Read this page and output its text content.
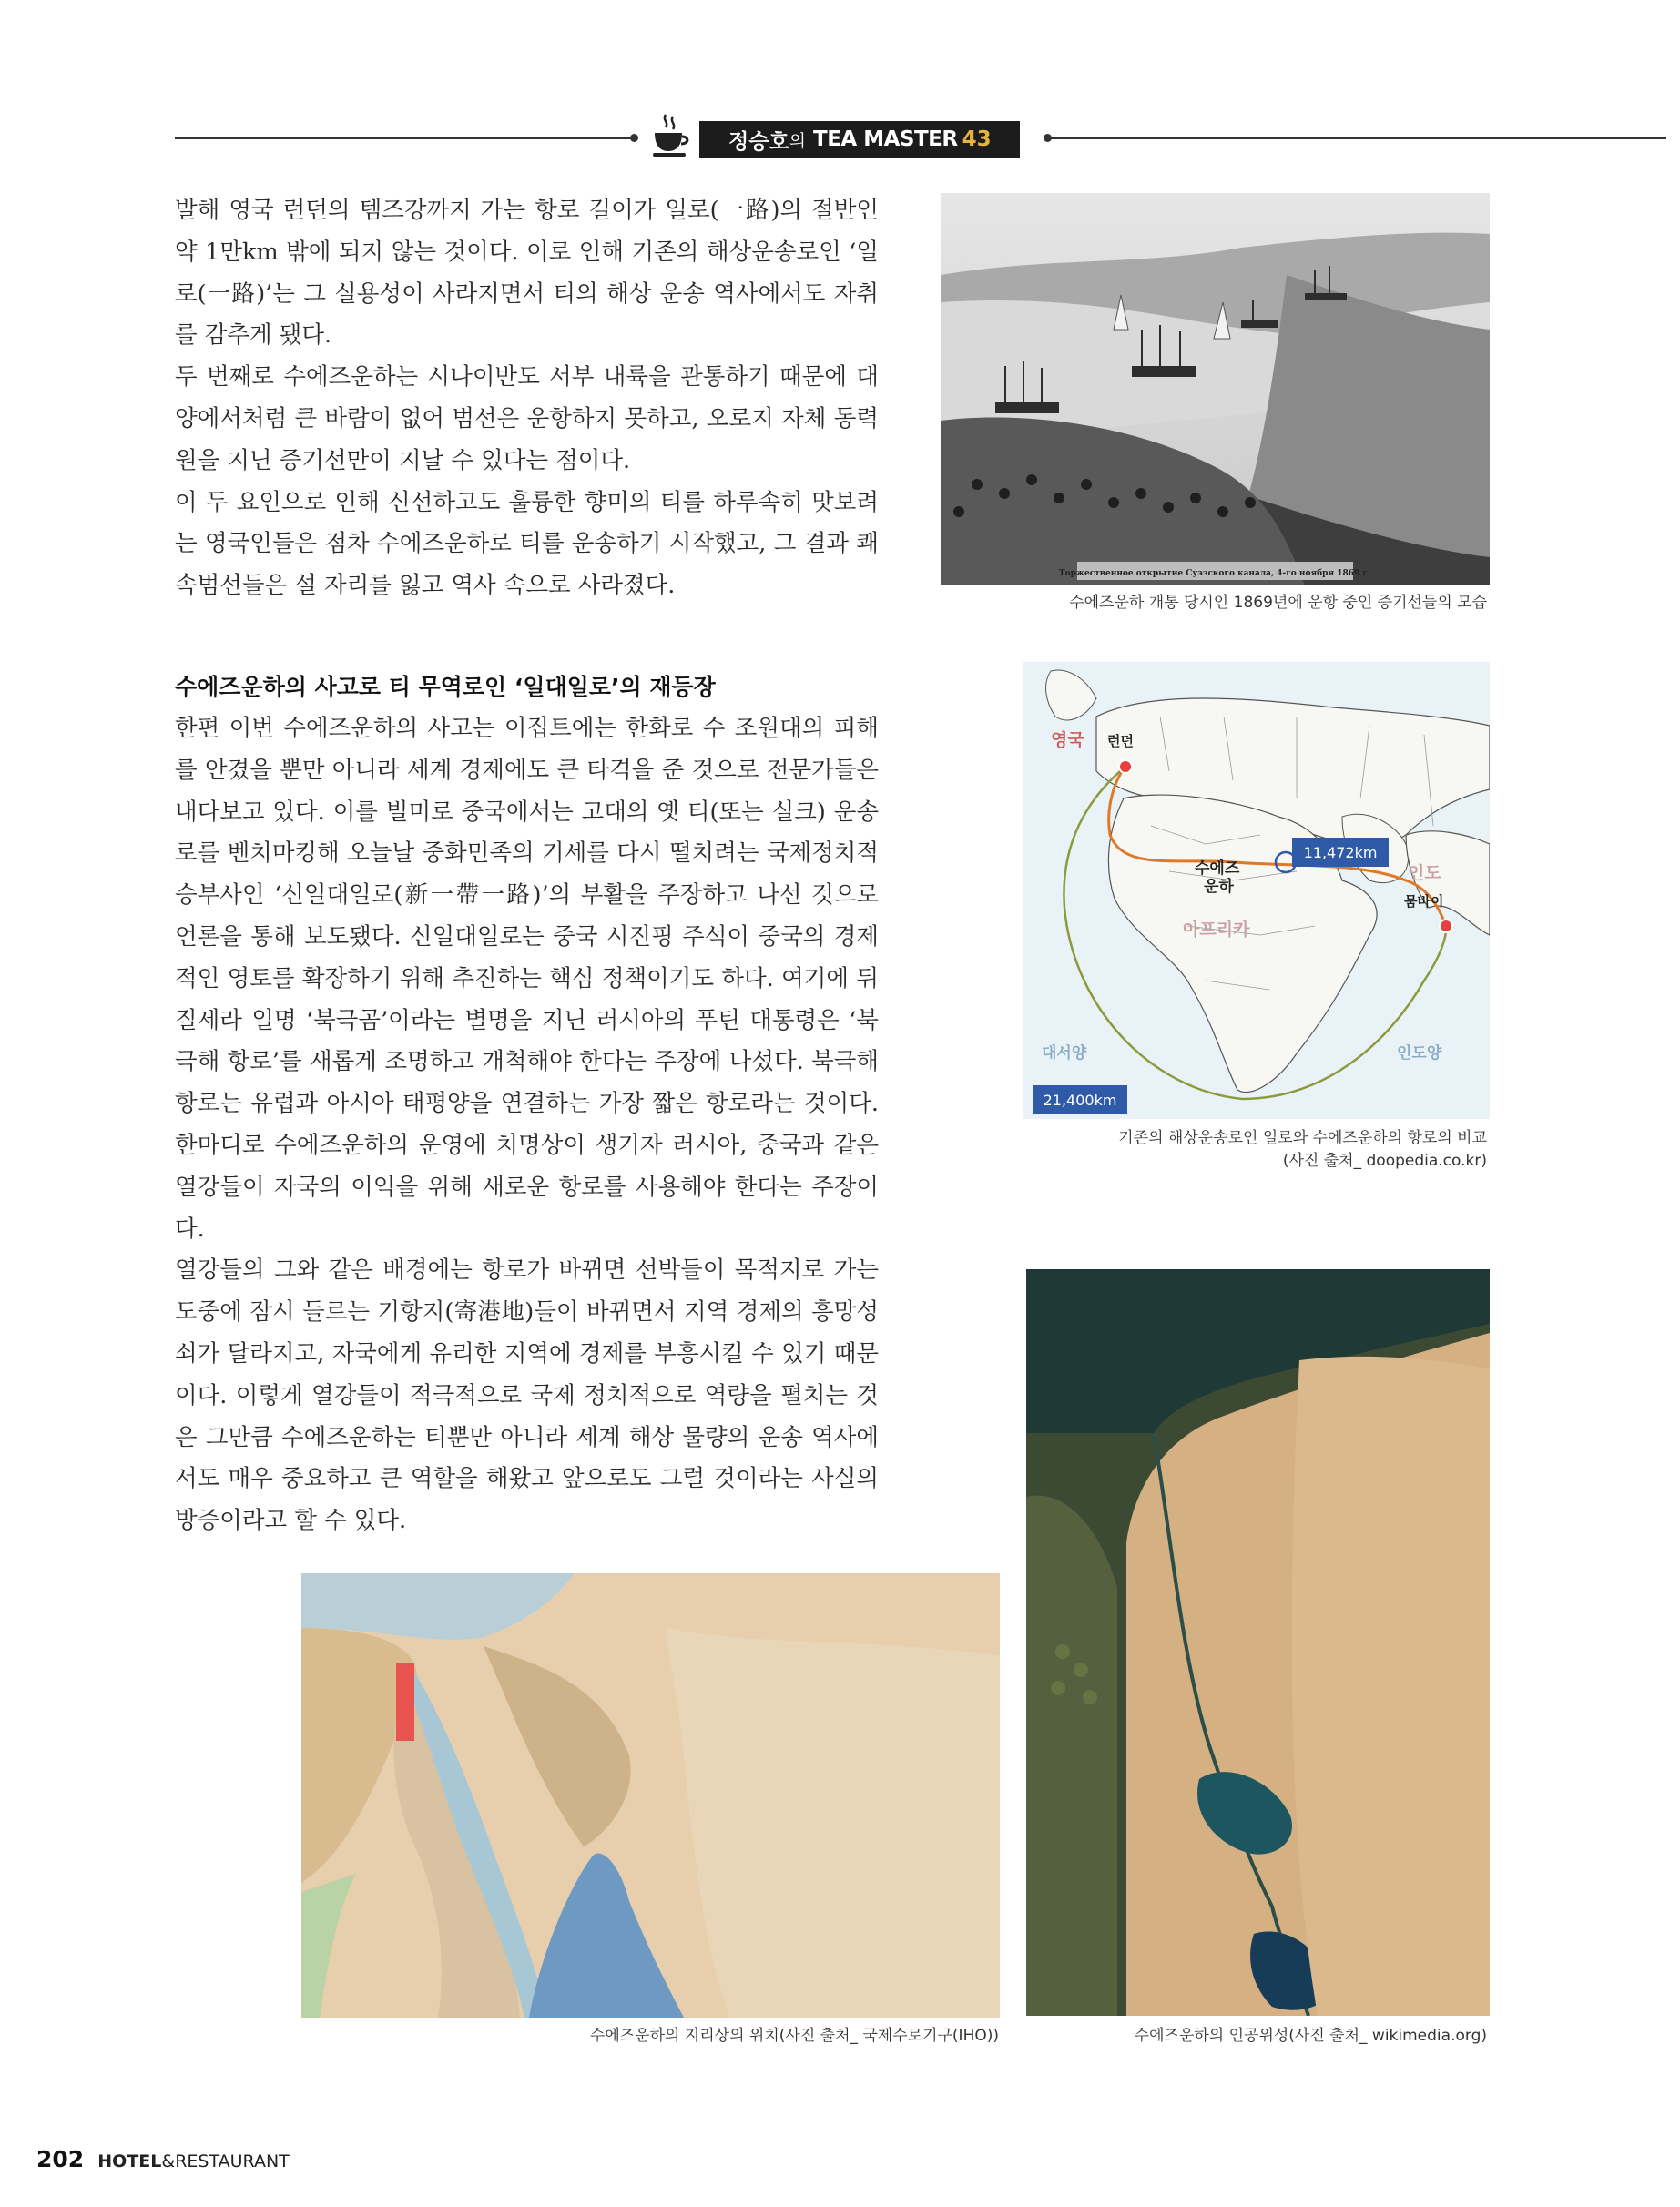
정승호 의 TEA MASTER 43

발해 영국 런던의 템즈강까지 가는 항로 길이가 일로(一路)의 절반인 약 1만km 밖에 되지 않는 것이다. 이로 인해 기존의 해상운송로인 ‘일로(一路)’는 그 실용성이 사라지면서 티의 해상 운송 역사에서도 자취를 감추게 됐다.

두 번째로 수에즈운하는 시나이반도 서부 내륙을 관통하기 때문에 대양에서처럼 큰 바람이 없어 범선은 운항하지 못하고, 오로지 자체 동력원을 지닌 증기선만이 지날 수 있다는 점이다.

이 두 요인으로 인해 신선하고도 훌륭한 향미의 티를 하루속히 맛보려는 영국인들은 점차 수에즈운하로 티를 운송하기 시작했고, 그 결과 쾌속범선들은 설 자리를 잃고 역사 속으로 사라졌다.

수에즈운하의 사고로 티 무역로인 ‘일대일로’의 재등장

한편 이번 수에즈운하의 사고는 이집트에는 한화로 수 조원대의 피해를 안겼을 뿐만 아니라 세계 경제에도 큰 타격을 준 것으로 전문가들은 내다보고 있다. 이를 빌미로 중국에서는 고대의 옛 티(또는 실크) 운송로를 벤치마킹해 오늘날 중화민족의 기세를 다시 떨치려는 국제정치적 승부사인 ‘신일대일로(新一帶一路)’의 부활을 주장하고 나선 것으로 언론을 통해 보도됐다. 신일대일로는 중국 시진핑 주석이 중국의 경제적인 영토를 확장하기 위해 추진하는 핵심 정책이기도 하다. 여기에 뒤질세라 일명 ‘북극곰’이라는 별명을 지닌 러시아의 푸틴 대통령은 ‘북극해 항로’를 새롭게 조명하고 개척해야 한다는 주장에 나섰다. 북극해 항로는 유럽과 아시아 태평양을 연결하는 가장 짧은 항로라는 것이다. 한마디로 수에즈운하의 운영에 치명상이 생기자 러시아, 중국과 같은 열강들이 자국의 이익을 위해 새로운 항로를 사용해야 한다는 주장이다.

열강들의 그와 같은 배경에는 항로가 바뀌면 선박들이 목적지로 가는 도중에 잠시 들르는 기항지(寄港地)들이 바뀌면서 지역 경제의 흥망성쇠가 달라지고, 자국에게 유리한 지역에 경제를 부흥시킬 수 있기 때문이다. 이렇게 열강들이 적극적으로 국제 정치적으로 역량을 펼치는 것은 그만큼 수에즈운하는 티뿐만 아니라 세계 해상 물량의 운송 역사에서도 매우 중요하고 큰 역할을 해왔고 앞으로도 그럴 것이라는 사실의 방증이라고 할 수 있다.

Торжественное открытие Суэзского канала, 4-го ноября 1869 г.
수에즈운하 개통 당시인 1869년에 운항 중인 증기선들의 모습
영국 런던
수에즈 운하
아프리카
11,472km
인도
뭄바이
대서양	인도양
21,400km
기존의 해상운송로인 일로와 수에즈운하의 항로의 비교
(사진 출처_ doopedia.co.kr)
수에즈운하의 인공위성(사진 출처_ wikimedia.org)
수에즈운하의 지리상의 위치(사진 출처_ 국제수로기구(IHO))
202 HOTEL&RESTAURANT
